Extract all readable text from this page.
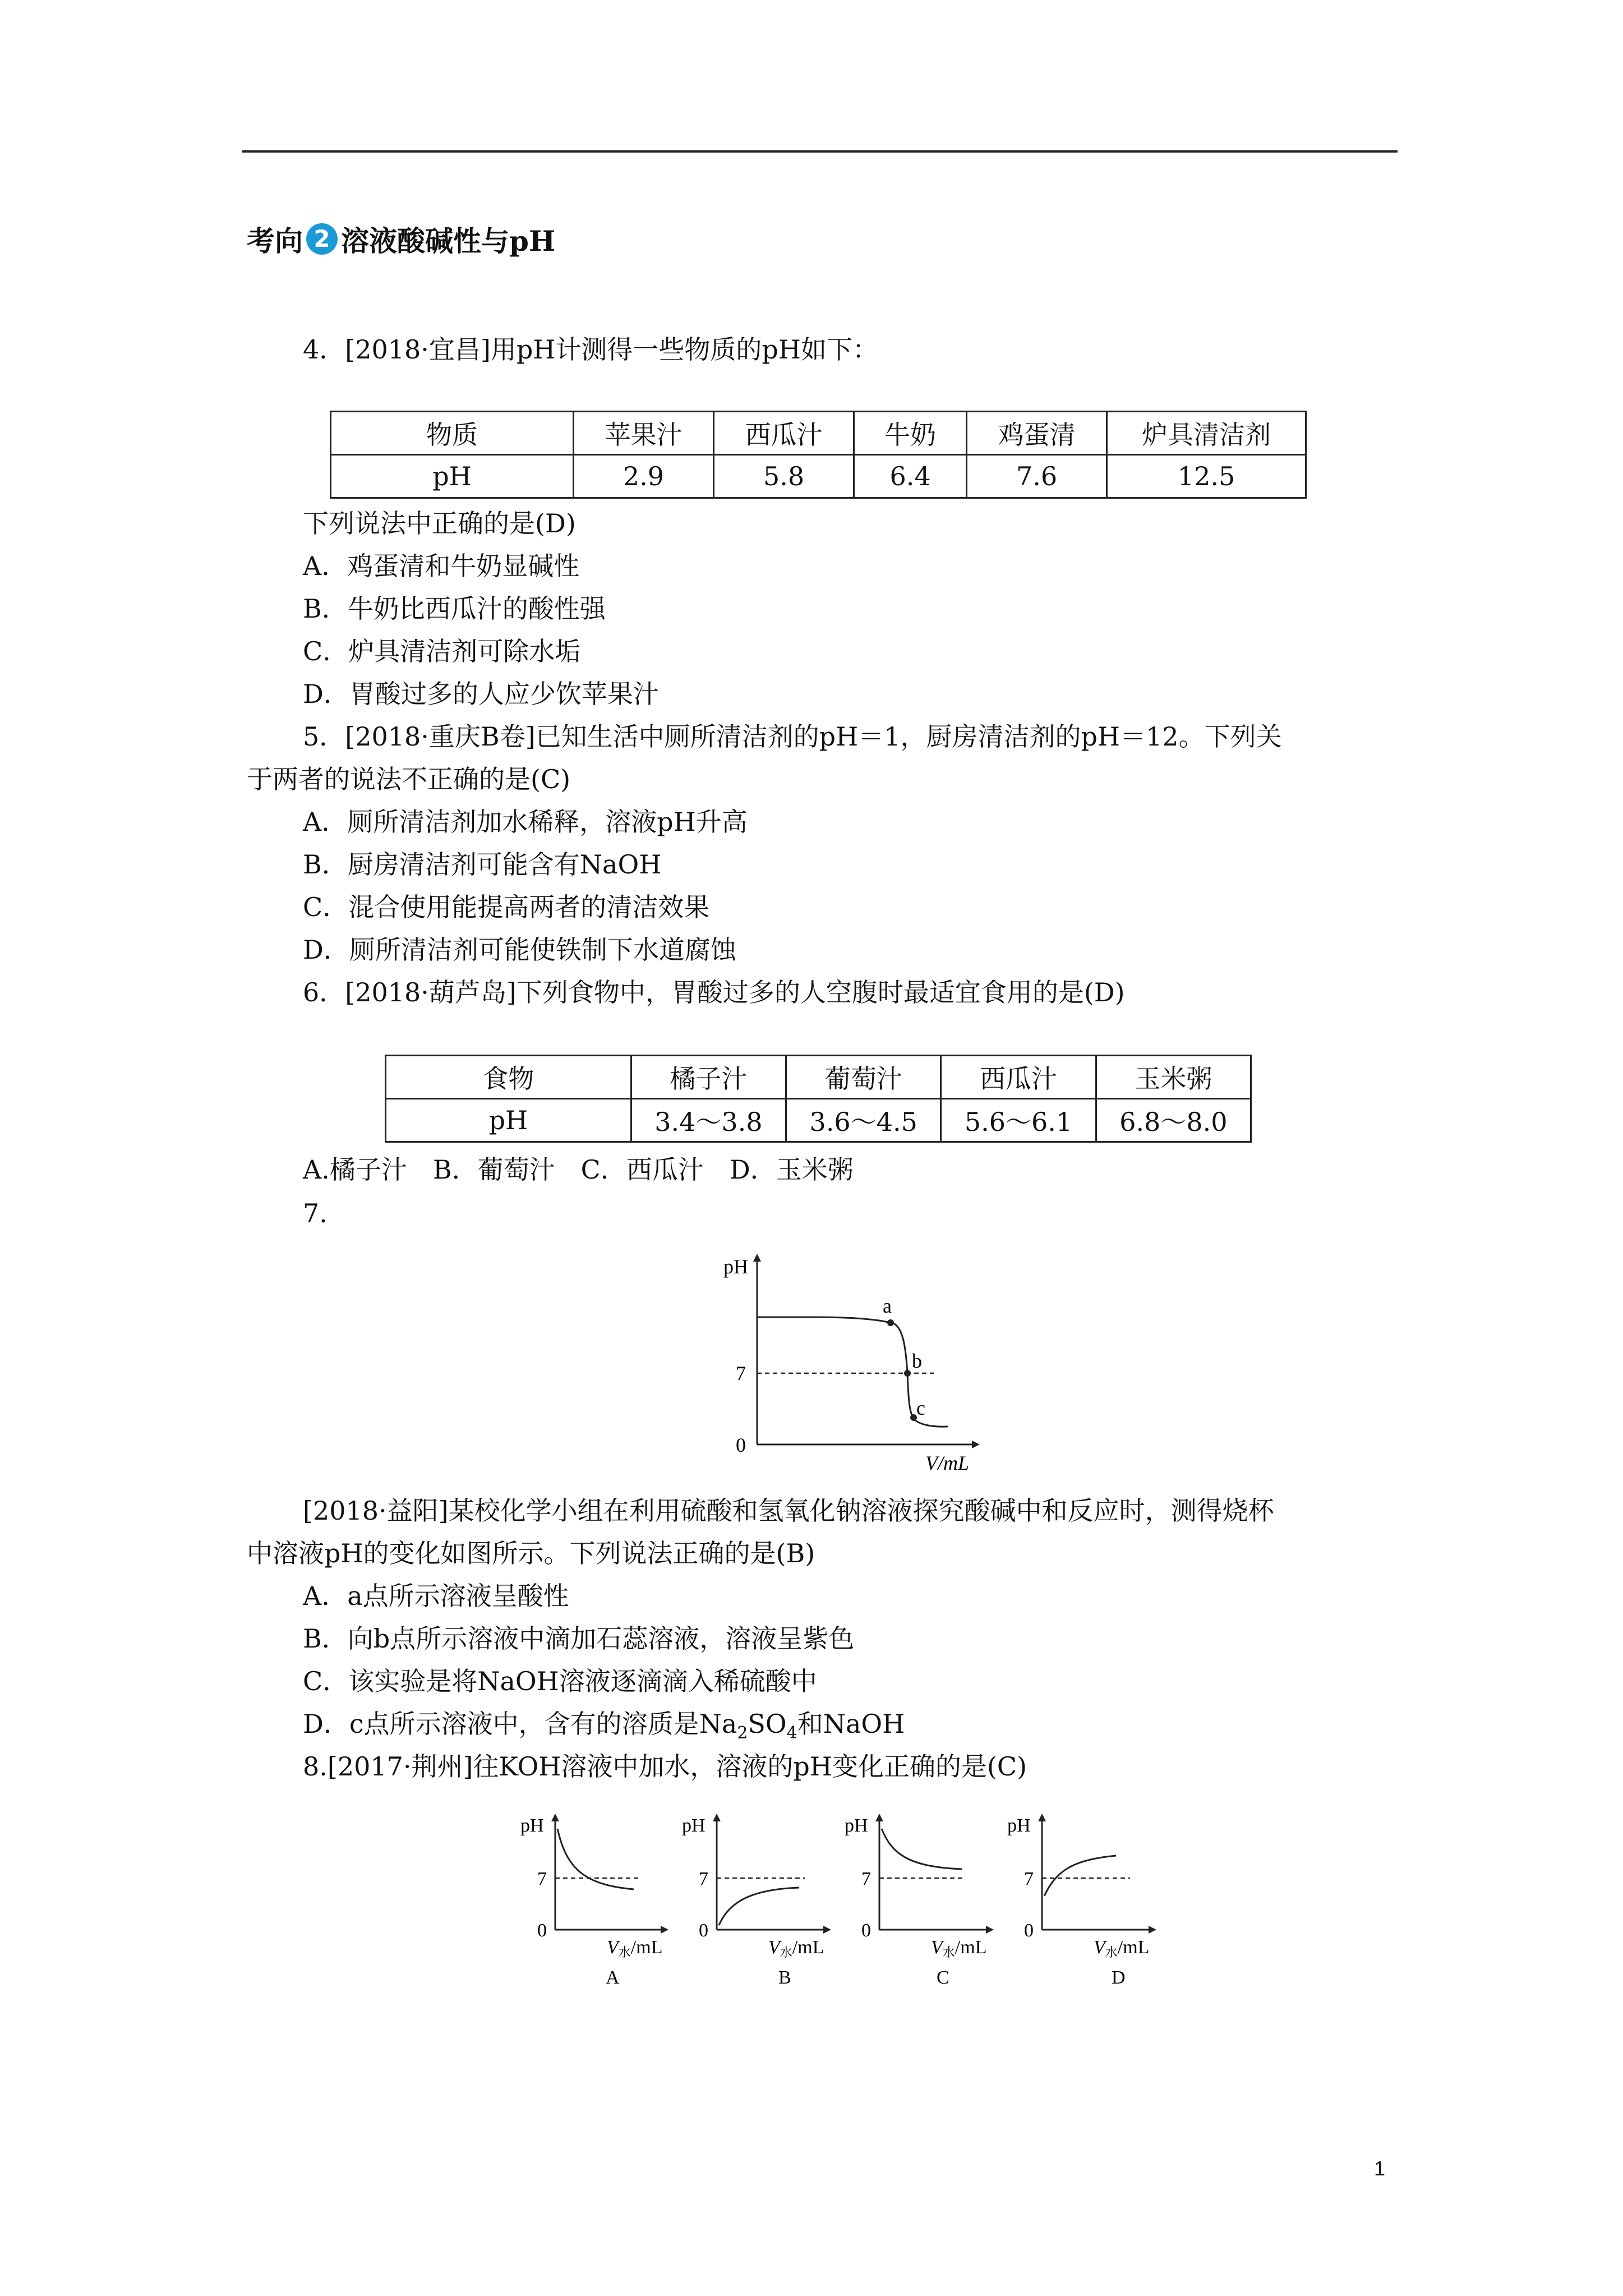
考向 2 溶液酸碱性与pH
4．[2018·宜昌]用pH计测得一些物质的pH如下：
物质	苹果汁	西瓜汁	牛奶	鸡蛋清	炉具清洁剂
pH	2.9	5.8	6.4	7.6	12.5
下列说法中正确的是(D)
A．鸡蛋清和牛奶显碱性
B．牛奶比西瓜汁的酸性强
C．炉具清洁剂可除水垢
D．胃酸过多的人应少饮苹果汁
5．[2018·重庆B卷]已知生活中厕所清洁剂的pH＝1，厨房清洁剂的pH＝12。下列关
于两者的说法不正确的是(C)
A．厕所清洁剂加水稀释，溶液pH升高
B．厨房清洁剂可能含有NaOH
C．混合使用能提高两者的清洁效果
D．厕所清洁剂可能使铁制下水道腐蚀
6．[2018·葫芦岛]下列食物中，胃酸过多的人空腹时最适宜食用的是(D)
食物	橘子汁	葡萄汁	西瓜汁	玉米粥
pH	3.4～3.8	3.6～4.5	5.6～6.1	6.8～8.0
A.橘子汁　B．葡萄汁　C．西瓜汁　D．玉米粥
7.
pH
7
0
a
b
c
V/mL
[2018·益阳]某校化学小组在利用硫酸和氢氧化钠溶液探究酸碱中和反应时，测得烧杯
中溶液pH的变化如图所示。下列说法正确的是(B)
A．a点所示溶液呈酸性
B．向b点所示溶液中滴加石蕊溶液，溶液呈紫色
C．该实验是将NaOH溶液逐滴滴入稀硫酸中
D．c点所示溶液中，含有的溶质是$Na_2SO_4$和NaOH
8.[2017·荆州]往KOH溶液中加水，溶液的pH变化正确的是(C)
pH
7
0
V水/mL
A
pH
7
0
V水/mL
B
pH
7
0
V水/mL
C
pH
7
0
V水/mL
D
1
